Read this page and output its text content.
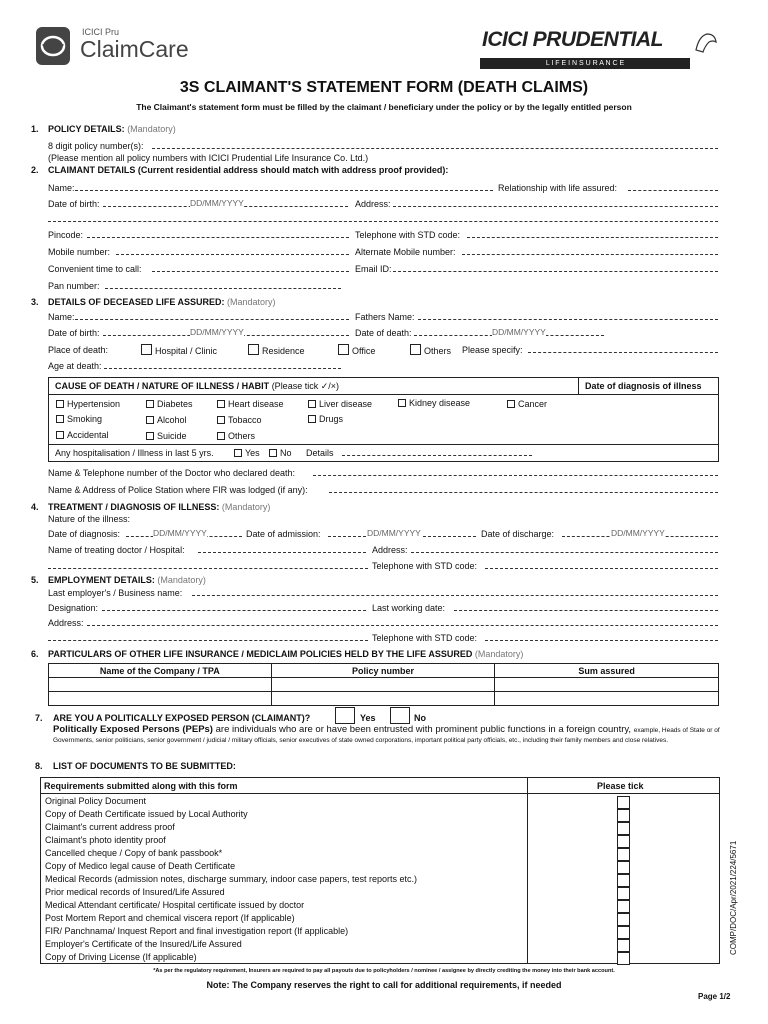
ICICI Pru
ClaimCare	ICICI PRUDENTIAL
L I F E I N S U R A N C E
3S CLAIMANT'S STATEMENT FORM (DEATH CLAIMS)
The Claimant's statement form must be filled by the claimant / beneficiary under the policy or by the legally entitled person
1. POLICY DETAILS: (Mandatory)
8 digit policy number(s):
(Please mention all policy numbers with ICICI Prudential Life Insurance Co. Ltd.)
2. CLAIMANT DETAILS (Current residential address should match with address proof provided):
Name:	Relationship with life assured:
Date of birth:	DD/MM/YYYY	Address:
Pincode:	Telephone with STD code:
Mobile number:	Alternate Mobile number:
Convenient time to call:	Email ID:
Pan number:
3. DETAILS OF DECEASED LIFE ASSURED: (Mandatory)
Name:	Fathers Name:
Date of birth:	DD/MM/YYYY	Date of death:	DD/MM/YYYY
Place of death:	Hospital / Clinic	Residence	Office	Others Please specify:
Age at death:
CAUSE OF DEATH / NATURE OF ILLNESS / HABIT (Please tick ✓/×)	Date of diagnosis of illness
Hypertension	Diabetes	Heart disease	Liver disease	Kidney disease	Cancer
Smoking	Alcohol	Tobacco	Drugs
Accidental	Suicide	Others
Any hospitalisation / Illness in last 5 yrs.	Yes	No Details
Name & Telephone number of the Doctor who declared death:
Name & Address of Police Station where FIR was lodged (if any):
4. TREATMENT / DIAGNOSIS OF ILLNESS: (Mandatory)
Nature of the illness:
Date of diagnosis:	DD/MM/YYYY	Date of admission:	DD/MM/YYYY	Date of discharge:	DD/MM/YYYY
Name of treating doctor / Hospital:	Address:
Telephone with STD code:
5. EMPLOYMENT DETAILS: (Mandatory)
Last employer's / Business name:
Designation:	Last working date:
Address:
Telephone with STD code:
6. PARTICULARS OF OTHER LIFE INSURANCE / MEDICLAIM POLICIES HELD BY THE LIFE ASSURED (Mandatory)
Name of the Company / TPA	Policy number	Sum assured

7. ARE YOU A POLITICALLY EXPOSED PERSON (CLAIMANT)?	Yes	No
Politically Exposed Persons (PEPs) are individuals who are or have been entrusted with prominent public functions in a foreign country, example, Heads of State or of Governments, senior politicians, senior government / judicial / military officials, senior executives of state owned corporations, important political party officials, etc., including their family members and close relatives.
8. LIST OF DOCUMENTS TO BE SUBMITTED:
Requirements submitted along with this form	Please tick
Original Policy Document
Copy of Death Certificate issued by Local Authority
Claimant's current address proof
Claimant's photo identity proof
Cancelled cheque / Copy of bank passbook*
Copy of Medico legal cause of Death Certificate
Medical Records (admission notes, discharge summary, indoor case papers, test reports etc.)
Prior medical records of Insured/Life Assured
Medical Attendant certificate/ Hospital certificate issued by doctor
Post Mortem Report and chemical viscera report (If applicable)
FIR/ Panchnama/ Inquest Report and final investigation report (If applicable)
Employer's Certificate of the Insured/Life Assured
Copy of Driving License (If applicable)
COMP/DOC/Apr/2021/224/5671
*As per the regulatory requirement, Insurers are required to pay all payouts due to policyholders / nominee / assignee by directly crediting the money into their bank account.
Note: The Company reserves the right to call for additional requirements, if needed
Page 1/2
